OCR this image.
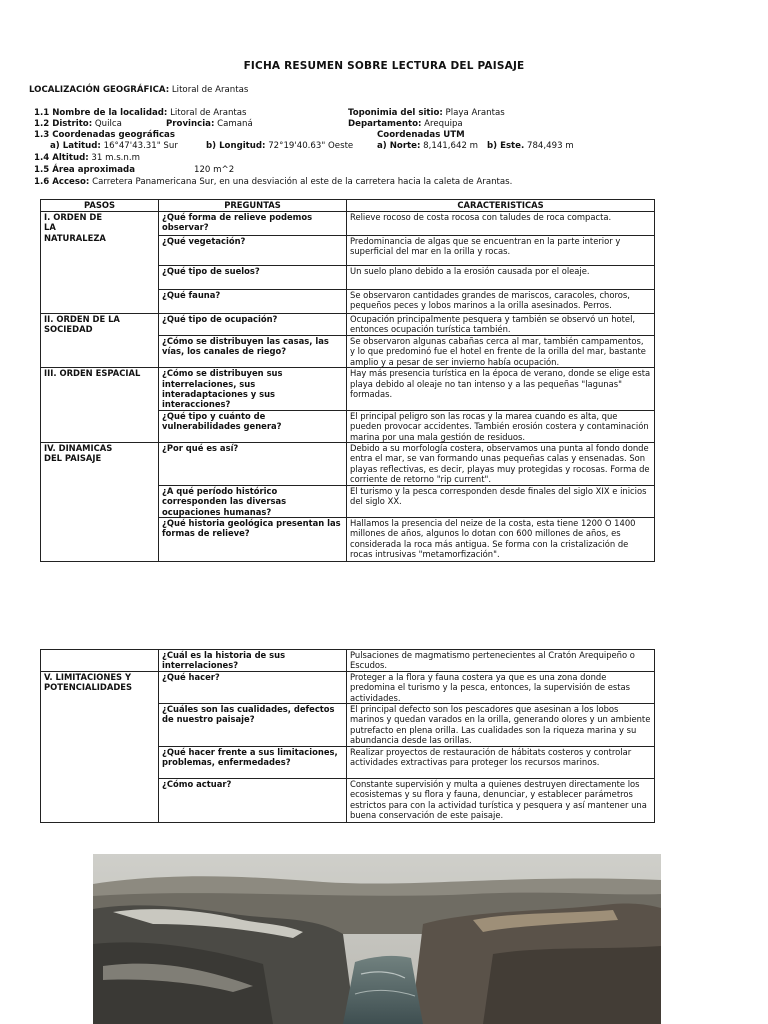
FICHA RESUMEN SOBRE LECTURA DEL PAISAJE
LOCALIZACIÓN GEOGRÁFICA: Litoral de Arantas
1.1 Nombre de la localidad: Litoral de Arantas	Toponimia del sitio: Playa Arantas
1.2 Distrito: Quilca	Provincia: Camaná	Departamento: Arequipa
1.3 Coordenadas geográficas	Coordenadas UTM
a) Latitud: 16°47'43.31" Sur	b) Longitud: 72°19'40.63" Oeste	a) Norte: 8,141,642 m b) Este. 784,493 m
1.4 Altitud: 31 m.s.n.m
1.5 Área aproximada	120 m^2
1.6 Acceso: Carretera Panamericana Sur, en una desviación al este de la carretera hacia la caleta de Arantas.
PASOS	PREGUNTAS	CARACTERISTICAS

I. ORDEN DE LA NATURALEZA	¿Qué forma de relieve podemos observar?	Relieve rocoso de costa rocosa con taludes de roca compacta.
	¿Qué vegetación?	Predominancia de algas que se encuentran en la parte interior y superficial del mar en la orilla y rocas.
	¿Qué tipo de suelos?	Un suelo plano debido a la erosión causada por el oleaje.
	¿Qué fauna?	Se observaron cantidades grandes de mariscos, caracoles, choros, pequeños peces y lobos marinos a la orilla asesinados. Perros.

II. ORDEN DE LA SOCIEDAD	¿Qué tipo de ocupación?	Ocupación principalmente pesquera y también se observó un hotel, entonces ocupación turística también.
	¿Cómo se distribuyen las casas, las vías, los canales de riego?	Se observaron algunas cabañas cerca al mar, también campamentos, y lo que predominó fue el hotel en frente de la orilla del mar, bastante amplio y a pesar de ser invierno había ocupación.
III. ORDEN ESPACIAL	¿Cómo se distribuyen sus interrelaciones, sus interadaptaciones y sus interacciones?	Hay más presencia turística en la época de verano, donde se elige esta playa debido al oleaje no tan intenso y a las pequeñas "lagunas" formadas.
	¿Qué tipo y cuánto de vulnerabilidades genera?	El principal peligro son las rocas y la marea cuando es alta, que pueden provocar accidentes. También erosión costera y contaminación marina por una mala gestión de residuos.

IV. DINAMICAS DEL PAISAJE	¿Por qué es así?	Debido a su morfología costera, observamos una punta al fondo donde entra el mar, se van formando unas pequeñas calas y ensenadas. Son playas reflectivas, es decir, playas muy protegidas y rocosas. Forma de corriente de retorno "rip current".
	¿A qué período histórico corresponden las diversas ocupaciones humanas?	El turismo y la pesca corresponden desde finales del siglo XIX e inicios del siglo XX.
	¿Qué historia geológica presentan las formas de relieve?	Hallamos la presencia del neize de la costa, esta tiene 1200 O 1400 millones de años, algunos lo dotan con 600 millones de años, es considerada la roca más antigua. Se forma con la cristalización de rocas intrusivas "metamorfización".
	¿Cuál es la historia de sus interrelaciones?	Pulsaciones de magmatismo pertenecientes al Cratón Arequipeño o Escudos.

V. LIMITACIONES Y POTENCIALIDADES	¿Qué hacer?	Proteger a la flora y fauna costera ya que es una zona donde predomina el turismo y la pesca, entonces, la supervisión de estas actividades.
	¿Cuáles son las cualidades, defectos de nuestro paisaje?	El principal defecto son los pescadores que asesinan a los lobos marinos y quedan varados en la orilla, generando olores y un ambiente putrefacto en plena orilla. Las cualidades son la riqueza marina y su abundancia desde las orillas.
	¿Qué hacer frente a sus limitaciones, problemas, enfermedades?	Realizar proyectos de restauración de hábitats costeros y controlar actividades extractivas para proteger los recursos marinos.
	¿Cómo actuar?	Constante supervisión y multa a quienes destruyen directamente los ecosistemas y su flora y fauna, denunciar, y establecer parámetros estrictos para con la actividad turística y pesquera y así mantener una buena conservación de este paisaje.
